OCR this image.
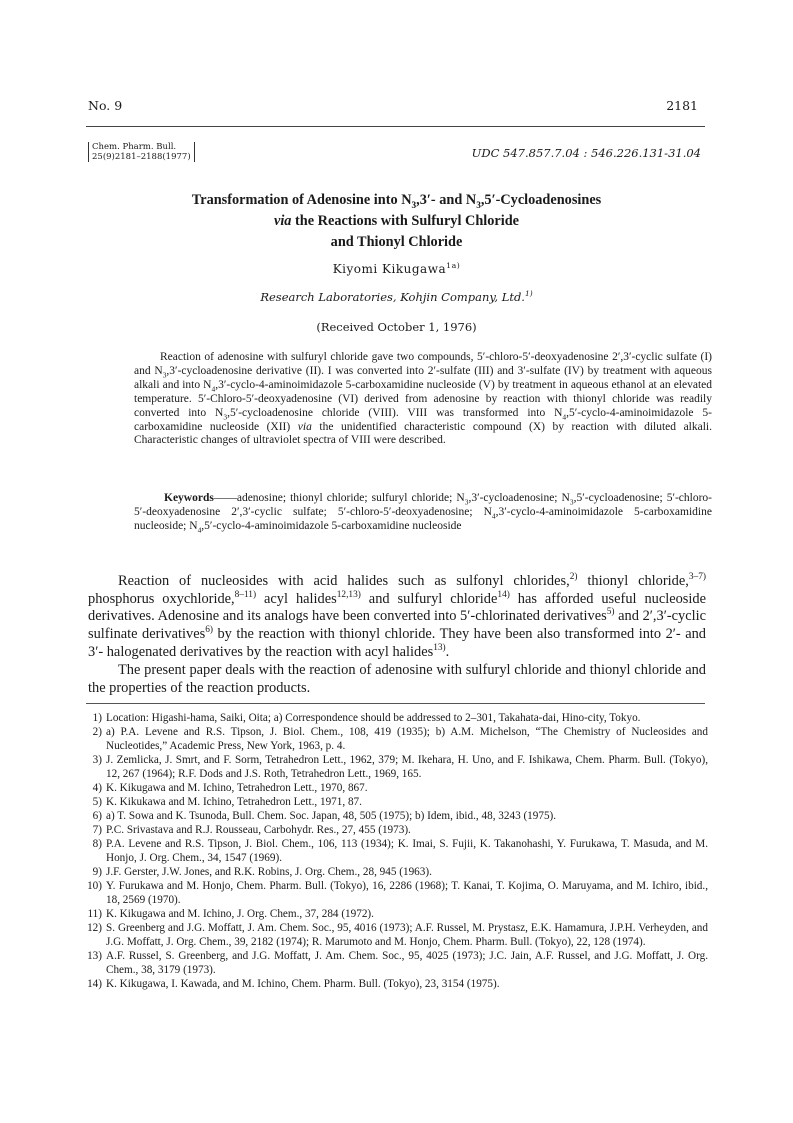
No. 9	2181
Chem. Pharm. Bull.
25(9)2181–2188(1977)	UDC 547.857.7.04 : 546.226.131-31.04
Transformation of Adenosine into $N_3,3'-$ and $N_3,5'$-Cycloadenosines
via the Reactions with Sulfuryl Chloride
and Thionyl Chloride
Kiyomi Kikugawa$^{1a)}$
Research Laboratories, Kohjin Company, Ltd.$^{1)}$
(Received October 1, 1976)

Reaction of adenosine with sulfuryl chloride gave two compounds, 5′-chloro-5′-deoxyadenosine 2′,3′-cyclic sulfate (I) and $N_3,3'$-cycloadenosine derivative (II). I was converted into 2′-sulfate (III) and 3′-sulfate (IV) by treatment with aqueous alkali and into $N_4,3'-cyclo-4$-aminoimidazole 5-carboxamidine nucleoside (V) by treatment in aqueous ethanol at an elevated temperature. 5′-Chloro-5′-deoxyadenosine (VI) derived from adenosine by reaction with thionyl chloride was readily converted into $N_3,5'$-cycloadenosine chloride (VIII). VIII was transformed into $N_4,5'-cyclo-4$-aminoimidazole 5-carboxamidine nucleoside (XII) via the unidentified characteristic compound (X) by reaction with diluted alkali. Characteristic changes of ultraviolet spectra of VIII were described.

Keywords——adenosine; thionyl chloride; sulfuryl chloride; $N_3,3'$-cycloadenosine; $N_3,5'$-cycloadenosine; 5′-chloro-5′-deoxyadenosine 2′,3′-cyclic sulfate; 5′-chloro-5′-deoxyadenosine; $N_4,3'-cyclo-4$-aminoimidazole 5-carboxamidine nucleoside; $N_4,5'-cyclo-4$-aminoimidazole 5-carboxamidine nucleoside

Reaction of nucleosides with acid halides such as sulfonyl chlorides,$^{2)}$ thionyl chloride,$^{3-7)}$ phosphorus oxychloride,$^{8-11)}$ acyl halides$^{12,13)}$ and sulfuryl chloride$^{14)}$ has afforded useful nucleoside derivatives. Adenosine and its analogs have been converted into 5′-chlorinated derivatives$^{5)}$ and 2′,3′-cyclic sulfinate derivatives$^{6)}$ by the reaction with thionyl chloride. They have been also transformed into 2′- and 3′- halogenated derivatives by the reaction with acyl halides$^{13)}$.

The present paper deals with the reaction of adenosine with sulfuryl chloride and thionyl chloride and the properties of the reaction products.

1) Location: Higashi-hama, Saiki, Oita; a) Correspondence should be addressed to 2–301, Takahata-dai, Hino-city, Tokyo.
2) a) P.A. Levene and R.S. Tipson, J. Biol. Chem., 108, 419 (1935); b) A.M. Michelson, “The Chemistry of Nucleosides and Nucleotides,” Academic Press, New York, 1963, p. 4.
3) J. Zemlicka, J. Smrt, and F. Sorm, Tetrahedron Lett., 1962, 379; M. Ikehara, H. Uno, and F. Ishikawa, Chem. Pharm. Bull. (Tokyo), 12, 267 (1964); R.F. Dods and J.S. Roth, Tetrahedron Lett., 1969, 165.
4) K. Kikugawa and M. Ichino, Tetrahedron Lett., 1970, 867.
5) K. Kikukawa and M. Ichino, Tetrahedron Lett., 1971, 87.
6) a) T. Sowa and K. Tsunoda, Bull. Chem. Soc. Japan, 48, 505 (1975); b) Idem, ibid., 48, 3243 (1975).
7) P.C. Srivastava and R.J. Rousseau, Carbohydr. Res., 27, 455 (1973).
8) P.A. Levene and R.S. Tipson, J. Biol. Chem., 106, 113 (1934); K. Imai, S. Fujii, K. Takanohashi, Y. Furukawa, T. Masuda, and M. Honjo, J. Org. Chem., 34, 1547 (1969).
9) J.F. Gerster, J.W. Jones, and R.K. Robins, J. Org. Chem., 28, 945 (1963).
10) Y. Furukawa and M. Honjo, Chem. Pharm. Bull. (Tokyo), 16, 2286 (1968); T. Kanai, T. Kojima, O. Maruyama, and M. Ichiro, ibid., 18, 2569 (1970).
11) K. Kikugawa and M. Ichino, J. Org. Chem., 37, 284 (1972).
12) S. Greenberg and J.G. Moffatt, J. Am. Chem. Soc., 95, 4016 (1973); A.F. Russel, M. Prystasz, E.K. Hamamura, J.P.H. Verheyden, and J.G. Moffatt, J. Org. Chem., 39, 2182 (1974); R. Marumoto and M. Honjo, Chem. Pharm. Bull. (Tokyo), 22, 128 (1974).
13) A.F. Russel, S. Greenberg, and J.G. Moffatt, J. Am. Chem. Soc., 95, 4025 (1973); J.C. Jain, A.F. Russel, and J.G. Moffatt, J. Org. Chem., 38, 3179 (1973).
14) K. Kikugawa, I. Kawada, and M. Ichino, Chem. Pharm. Bull. (Tokyo), 23, 3154 (1975).
